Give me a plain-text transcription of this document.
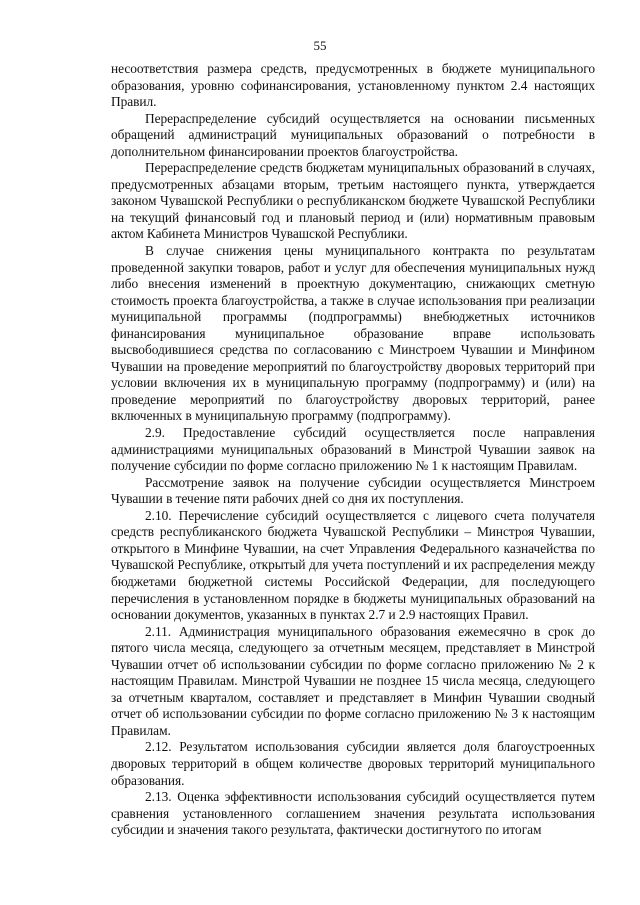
55

несоответствия размера средств, предусмотренных в бюджете муниципального образования, уровню софинансирования, установленному пунктом 2.4 настоящих Правил.

Перераспределение субсидий осуществляется на основании письменных обращений администраций муниципальных образований о потребности в дополнительном финансировании проектов благоустройства.

Перераспределение средств бюджетам муниципальных образований в случаях, предусмотренных абзацами вторым, третьим настоящего пункта, утверждается законом Чувашской Республики о республиканском бюджете Чувашской Республики на текущий финансовый год и плановый период и (или) нормативным правовым актом Кабинета Министров Чувашской Республики.

В случае снижения цены муниципального контракта по результатам проведенной закупки товаров, работ и услуг для обеспечения муниципальных нужд либо внесения изменений в проектную документацию, снижающих сметную стоимость проекта благоустройства, а также в случае использования при реализации муниципальной программы (подпрограммы) внебюджетных источников финансирования муниципальное образование вправе использовать высвободившиеся средства по согласованию с Минстроем Чувашии и Минфином Чувашии на проведение мероприятий по благоустройству дворовых территорий при условии включения их в муниципальную программу (подпрограмму) и (или) на проведение мероприятий по благоустройству дворовых территорий, ранее включенных в муниципальную программу (подпрограмму).

2.9. Предоставление субсидий осуществляется после направления администрациями муниципальных образований в Минстрой Чувашии заявок на получение субсидии по форме согласно приложению № 1 к настоящим Правилам.

Рассмотрение заявок на получение субсидии осуществляется Минстроем Чувашии в течение пяти рабочих дней со дня их поступления.

2.10. Перечисление субсидий осуществляется с лицевого счета получателя средств республиканского бюджета Чувашской Республики – Минстроя Чувашии, открытого в Минфине Чувашии, на счет Управления Федерального казначейства по Чувашской Республике, открытый для учета поступлений и их распределения между бюджетами бюджетной системы Российской Федерации, для последующего перечисления в установленном порядке в бюджеты муниципальных образований на основании документов, указанных в пунктах 2.7 и 2.9 настоящих Правил.

2.11. Администрация муниципального образования ежемесячно в срок до пятого числа месяца, следующего за отчетным месяцем, представляет в Минстрой Чувашии отчет об использовании субсидии по форме согласно приложению № 2 к настоящим Правилам. Минстрой Чувашии не позднее 15 числа месяца, следующего за отчетным кварталом, составляет и представляет в Минфин Чувашии сводный отчет об использовании субсидии по форме согласно приложению № 3 к настоящим Правилам.

2.12. Результатом использования субсидии является доля благоустроенных дворовых территорий в общем количестве дворовых территорий муниципального образования.

2.13. Оценка эффективности использования субсидий осуществляется путем сравнения установленного соглашением значения результата использования субсидии и значения такого результата, фактически достигнутого по итогам
